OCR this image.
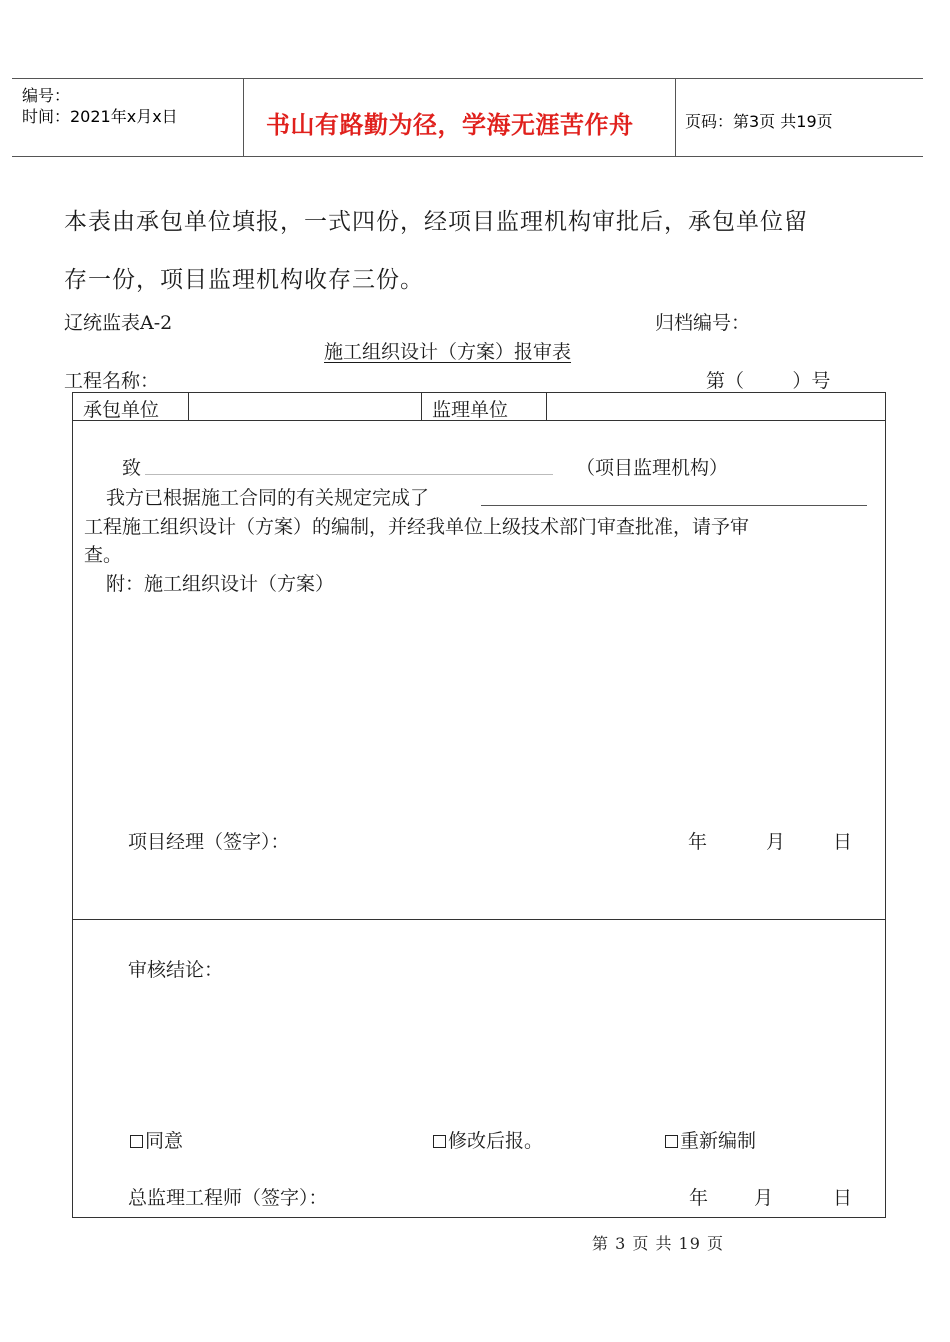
编号：
时间：2021年x月x日	书山有路勤为径，学海无涯苦作舟	页码：第3页 共19页
本表由承包单位填报，一式四份，经项目监理机构审批后，承包单位留
存一份，项目监理机构收存三份。
辽统监表A-2	归档编号：
施工组织设计（方案）报审表
工程名称：	第（        ）号
承包单位	监理单位
致	（项目监理机构）
我方已根据施工合同的有关规定完成了
工程施工组织设计（方案）的编制，并经我单位上级技术部门审查批准，请予审
查。
附：施工组织设计（方案）
项目经理（签字）：	年	月	日
审核结论：
同意	修改后报。	重新编制
总监理工程师（签字）：	年 月	日
第 3 页 共 19 页
